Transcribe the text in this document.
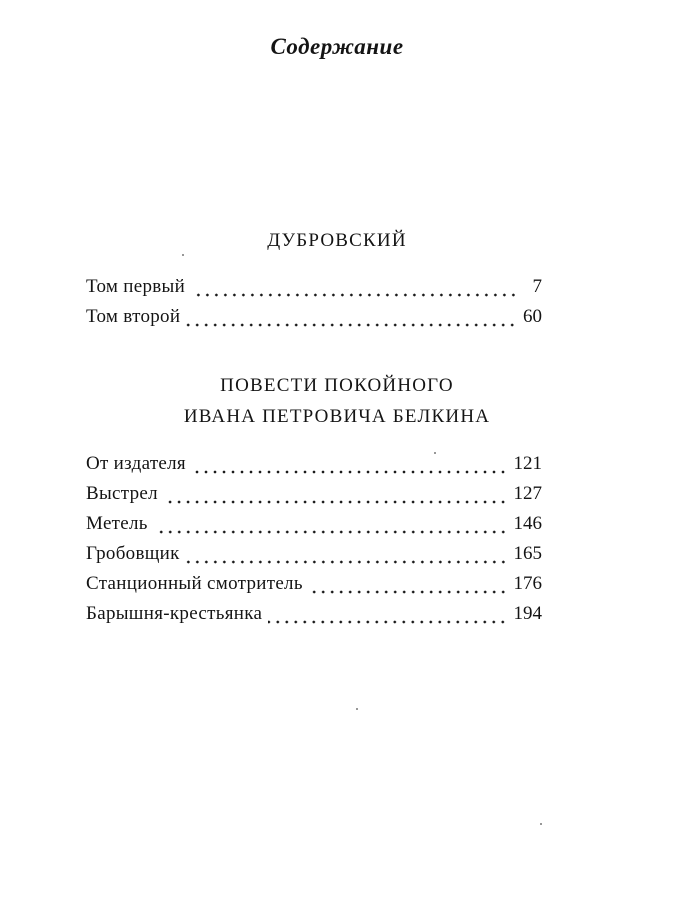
Содержание
ДУБРОВСКИЙ
Том первый	7
Том второй	60
ПОВЕСТИ ПОКОЙНОГО
ИВАНА ПЕТРОВИЧА БЕЛКИНА
От издателя	121
Выстрел	127
Метель	146
Гробовщик	165
Станционный смотритель	176
Барышня-крестьянка	194
